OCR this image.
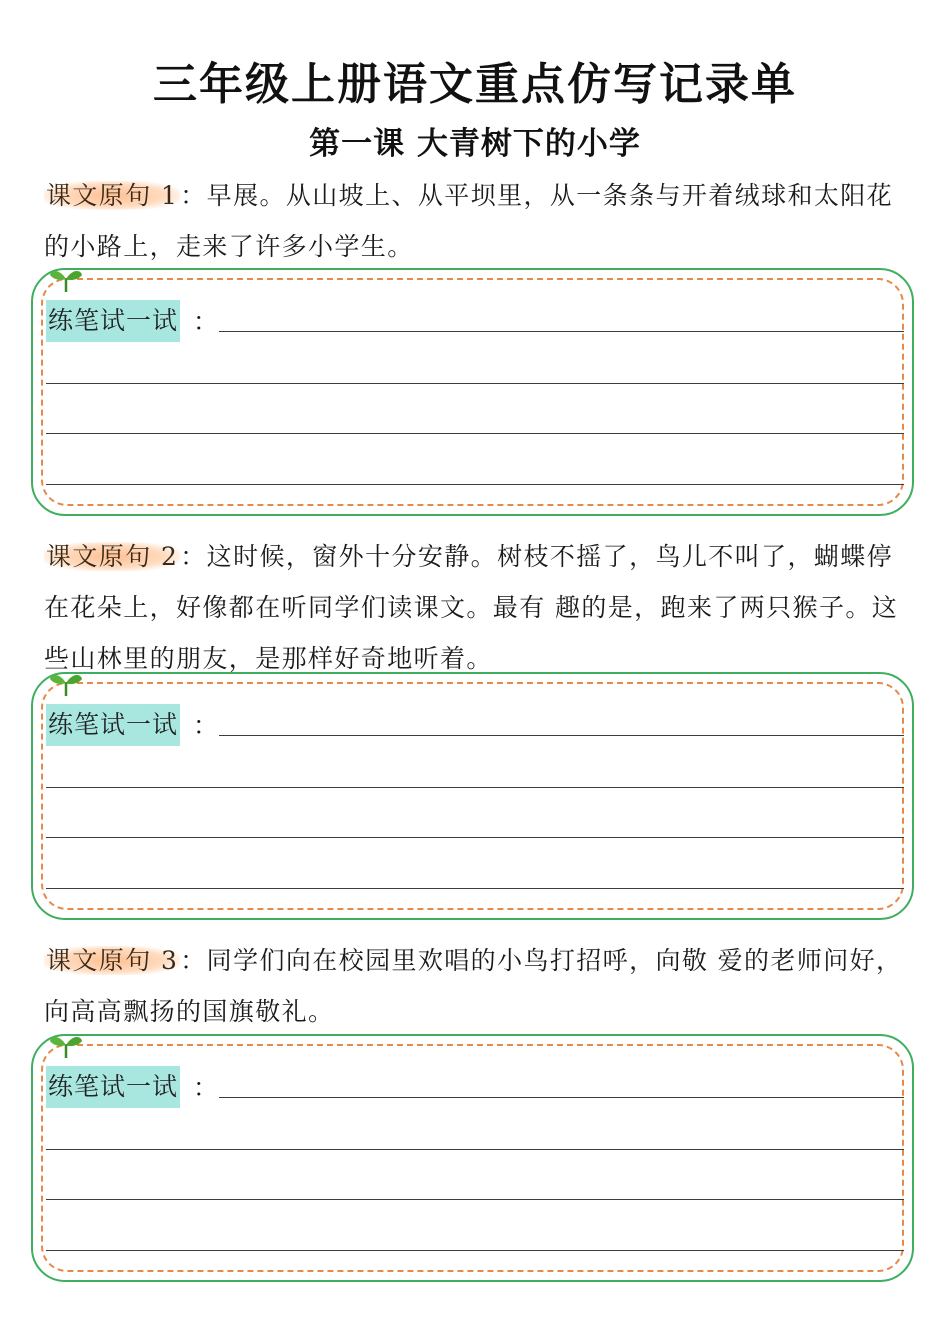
三年级上册语文重点仿写记录单
第一课 大青树下的小学

课文原句 1：早展。从山坡上、从平坝里，从一条条与开着绒球和太阳花的小路上，走来了许多小学生。

练笔试一试 ：

课文原句 2：这时候，窗外十分安静。树枝不摇了，鸟儿不叫了，蝴蝶停在花朵上，好像都在听同学们读课文。最有 趣的是，跑来了两只猴子。这些山林里的朋友，是那样好奇地听着。

练笔试一试 ：

课文原句 3：同学们向在校园里欢唱的小鸟打招呼，向敬 爱的老师问好，向高高飘扬的国旗敬礼。

练笔试一试 ：
